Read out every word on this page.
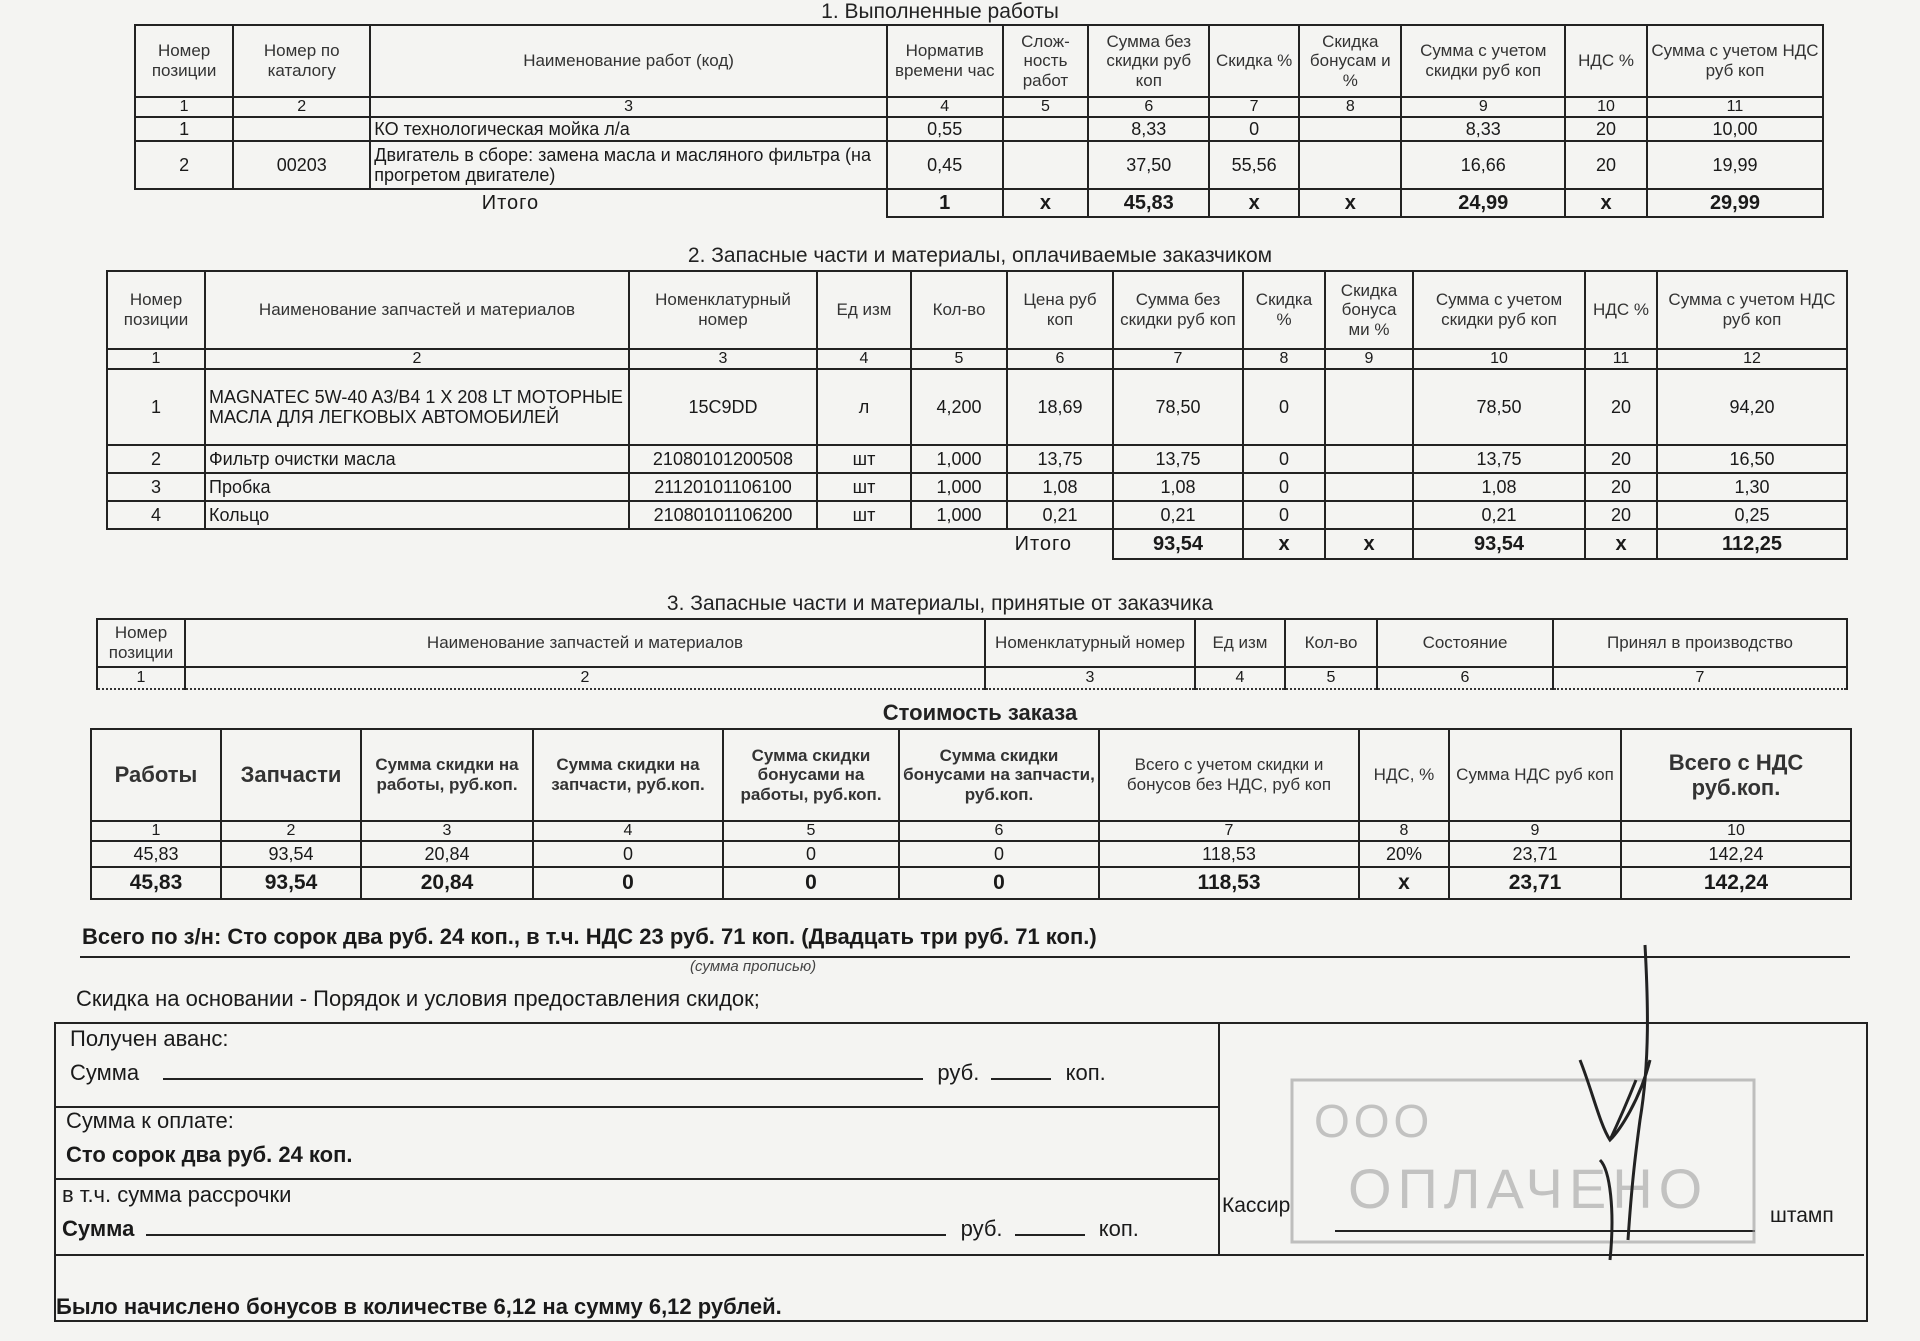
1. Выполненные работы
Номер позиции	Номер по каталогу	Наименование работ (код)	Норматив времени час	Слож-ность работ	Сумма без скидки руб коп	Скидка %	Скидка бонусам и %	Сумма с учетом скидки руб коп	НДС %	Сумма с учетом НДС руб коп
1	2	3	4	5	6	7	8	9	10	11
1		КО технологическая мойка л/а	0,55		8,33	0		8,33	20	10,00
2	00203	Двигатель в сборе: замена масла и масляного фильтра (на прогретом двигателе)	0,45		37,50	55,56		16,66	20	19,99
Итого			1	x	45,83	x	x	24,99	x	29,99
2. Запасные части и материалы, оплачиваемые заказчиком
Номер позиции	Наименование запчастей и материалов	Номенклатурный номер	Ед изм	Кол-во	Цена руб коп	Сумма без скидки руб коп	Скидка %	Скидка бонуса ми %	Сумма с учетом скидки руб коп	НДС %	Сумма с учетом НДС руб коп
1	2	3	4	5	6	7	8	9	10	11	12
1	MAGNATEC 5W-40 A3/B4 1 X 208 LT МОТОРНЫЕ МАСЛА ДЛЯ ЛЕГКОВЫХ АВТОМОБИЛЕЙ	15C9DD	л	4,200	18,69	78,50	0		78,50	20	94,20
2	Фильтр очистки масла	21080101200508	шт	1,000	13,75	13,75	0		13,75	20	16,50
3	Пробка	21120101106100	шт	1,000	1,08	1,08	0		1,08	20	1,30
4	Кольцо	21080101106200	шт	1,000	0,21	0,21	0		0,21	20	0,25
Итого						93,54	x	x	93,54	x	112,25
3. Запасные части и материалы, принятые от заказчика
Номер позиции	Наименование запчастей и материалов	Номенклатурный номер	Ед изм	Кол-во	Состояние	Принял в производство
1	2	3	4	5	6	7
Стоимость заказа
Работы	Запчасти	Сумма скидки на работы, руб.коп.	Сумма скидки на запчасти, руб.коп.	Сумма скидки бонусами на работы, руб.коп.	Сумма скидки бонусами на запчасти, руб.коп.	Всего с учетом скидки и бонусов без НДС, руб коп	НДС, %	Сумма НДС руб коп	Всего с НДС руб.коп.
1	2	3	4	5	6	7	8	9	10
45,83	93,54	20,84	0	0	0	118,53	20%	23,71	142,24
45,83	93,54	20,84	0	0	0	118,53	x	23,71	142,24
Всего по з/н: Сто сорок два руб. 24 коп., в т.ч. НДС 23 руб. 71 коп. (Двадцать три руб. 71 коп.)
(сумма прописью)
Скидка на основании - Порядок и условия предоставления скидок;
Получен аванс:
Сумма	руб.	коп.
Сумма к оплате:
Сто сорок два руб. 24 коп.
в т.ч. сумма рассрочки
Сумма	руб.	коп.
Кассир	штамп
ООО
ОПЛАЧЕНО
Было начислено бонусов в количестве 6,12 на сумму 6,12 рублей.
